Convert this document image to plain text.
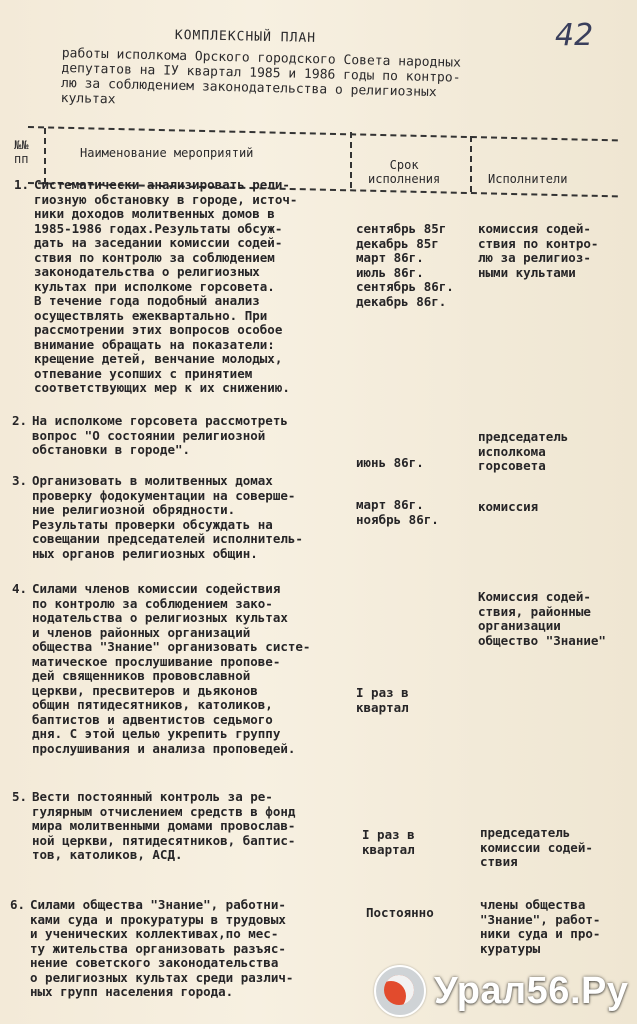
42
КОМПЛЕКСНЫЙ ПЛАН
работы исполкома Орского городского Совета народных
депутатов на IУ квартал 1985 и 1986 годы по контро-
лю за соблюдением законодательства о религиозных
культах
№№
пп	Наименование мероприятий
Срок
исполнения	Исполнители
1. Систематически анализировать рели-
гиозную обстановку в городе, источ-
ники доходов молитвенных домов в
1985-1986 годах.Результаты обсуж-
дать на заседании комиссии содей-
ствия по контролю за соблюдением
законодательства о религиозных
культах при исполкоме горсовета.
В течение года подобный анализ
осуществлять ежеквартально. При
рассмотрении этих вопросов особое
внимание обращать на показатели:
крещение детей, венчание молодых,
отпевание усопших с принятием
соответствующих мер к их снижению.
сентябрь 85г
декабрь 85г
март 86г.
июль 86г.
сентябрь 86г.
декабрь 86г.
комиссия содей-
ствия по контро-
лю за религиоз-
ными культами
2. На исполкоме горсовета рассмотреть
вопрос "О состоянии религиозной
обстановки в городе".
июнь 86г.
председатель
исполкома
горсовета
3. Организовать в молитвенных домах
проверку фодокументации на соверше-
ние религиозной обрядности.
Результаты проверки обсуждать на
совещании председателей исполнитель-
ных органов религиозных общин.
март 86г.
ноябрь 86г.
комиссия
4. Силами членов комиссии содействия
по контролю за соблюдением зако-
нодательства о религиозных культах
и членов районных организаций
общества "Знание" организовать систе-
матическое прослушивание пропове-
дей священников прововславной
церкви, пресвитеров и дьяконов
общин пятидесятников, католиков,
баптистов и адвентистов седьмого
дня. С этой целью укрепить группу
прослушивания и анализа проповедей.
I раз в
квартал
Комиссия содей-
ствия, районные
организации
общество "Знание"
5. Вести постоянный контроль за ре-
гулярным отчислением средств в фонд
мира молитвенными домами провослав-
ной церкви, пятидесятников, баптис-
тов, католиков, АСД.
I раз в
квартал
председатель
комиссии содей-
ствия
6. Силами общества "Знание", работни-
ками суда и прокуратуры в трудовых
и ученических коллективах,по мес-
ту жительства организовать разъяс-
нение советского законодательства
о религиозных культах среди различ-
ных групп населения города.
Постоянно
члены общества
"Знание", работ-
ники суда и про-
куратуры
Урал56.Ру
